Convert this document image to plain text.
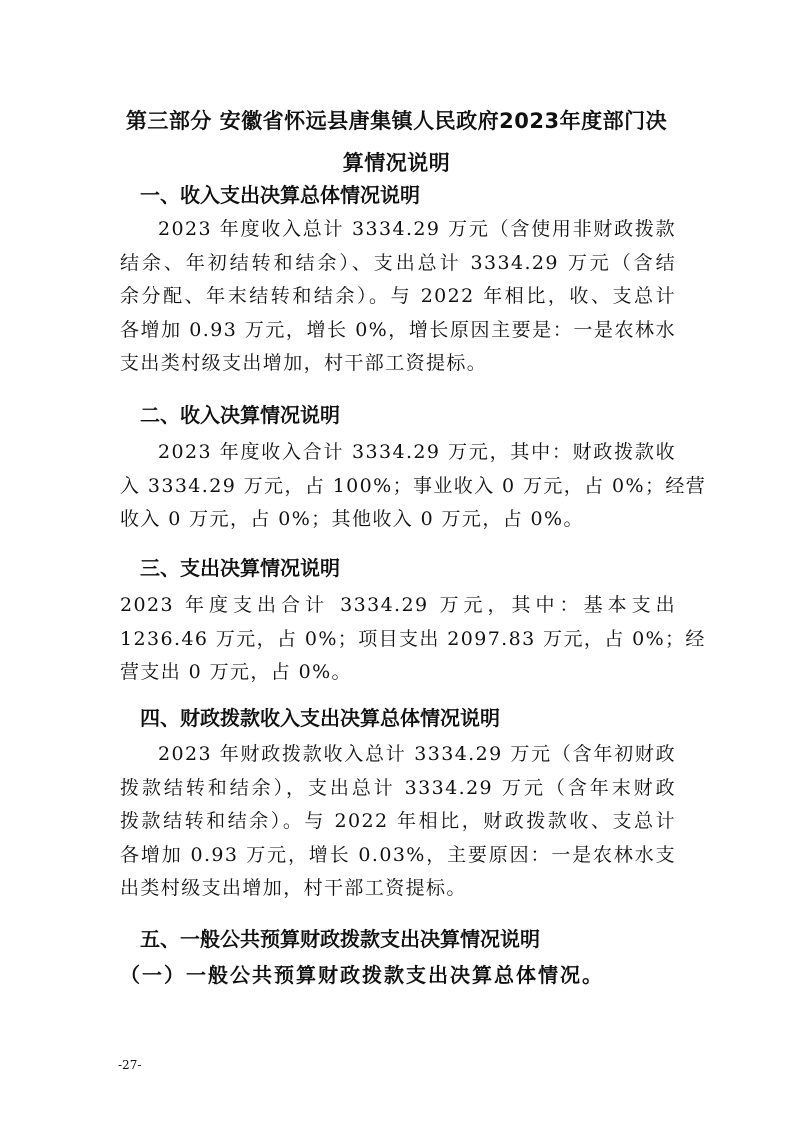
第三部分 安徽省怀远县唐集镇人民政府2023年度部门决
算情况说明
一、收入支出决算总体情况说明
2023 年度收入总计 3334.29 万元（含使用非财政拨款
结余、年初结转和结余）、支出总计 3334.29 万元（含结
余分配、年末结转和结余）。与 2022 年相比，收、支总计
各增加 0.93 万元，增长 0%，增长原因主要是：一是农林水
支出类村级支出增加，村干部工资提标。
二、收入决算情况说明
2023 年度收入合计 3334.29 万元，其中：财政拨款收
入 3334.29 万元，占 100%；事业收入 0 万元，占 0%；经营
收入 0 万元，占 0%；其他收入 0 万元，占 0%。
三、支出决算情况说明
2023 年度支出合计 3334.29 万元，其中：基本支出
1236.46 万元，占 0%；项目支出 2097.83 万元，占 0%；经
营支出 0 万元，占 0%。
四、财政拨款收入支出决算总体情况说明
2023 年财政拨款收入总计 3334.29 万元（含年初财政
拨款结转和结余），支出总计 3334.29 万元（含年末财政
拨款结转和结余）。与 2022 年相比，财政拨款收、支总计
各增加 0.93 万元，增长 0.03%，主要原因：一是农林水支
出类村级支出增加，村干部工资提标。
五、一般公共预算财政拨款支出决算情况说明
（一）一般公共预算财政拨款支出决算总体情况。
-27-
